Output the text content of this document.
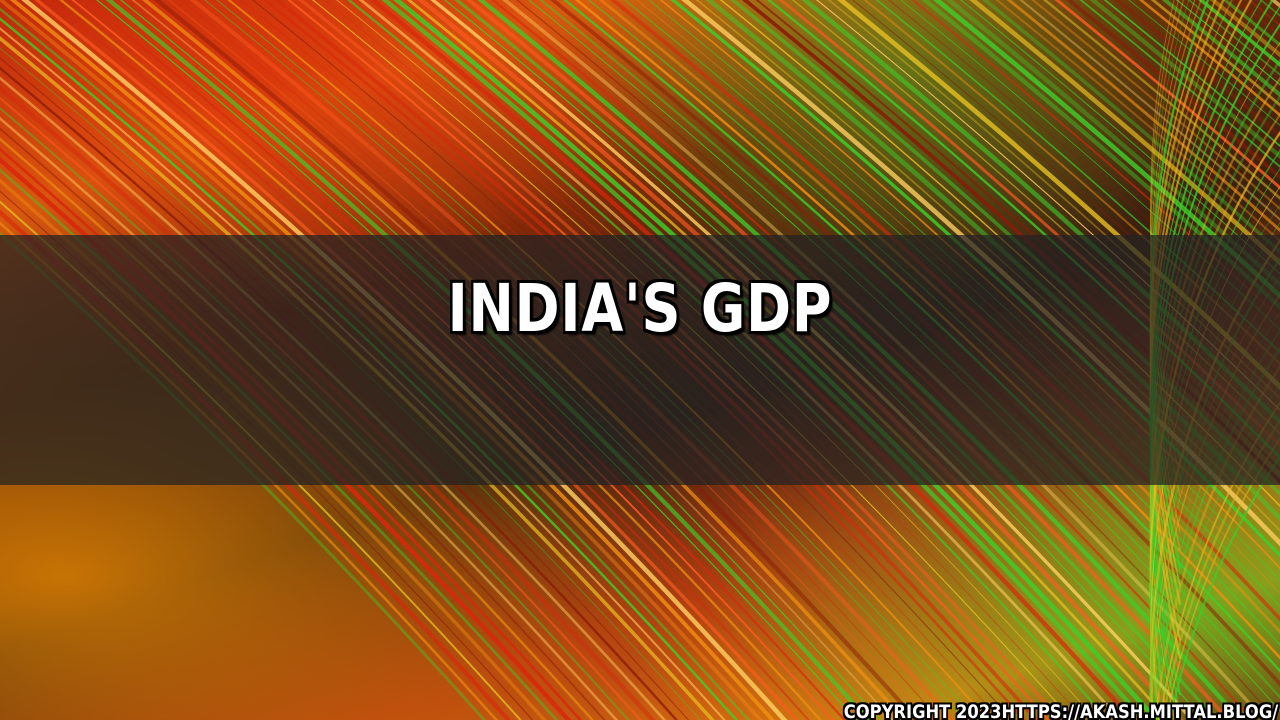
INDIA'S GDP
COPYRIGHT 2023HTTPS://AKASH.MITTAL.BLOG/
